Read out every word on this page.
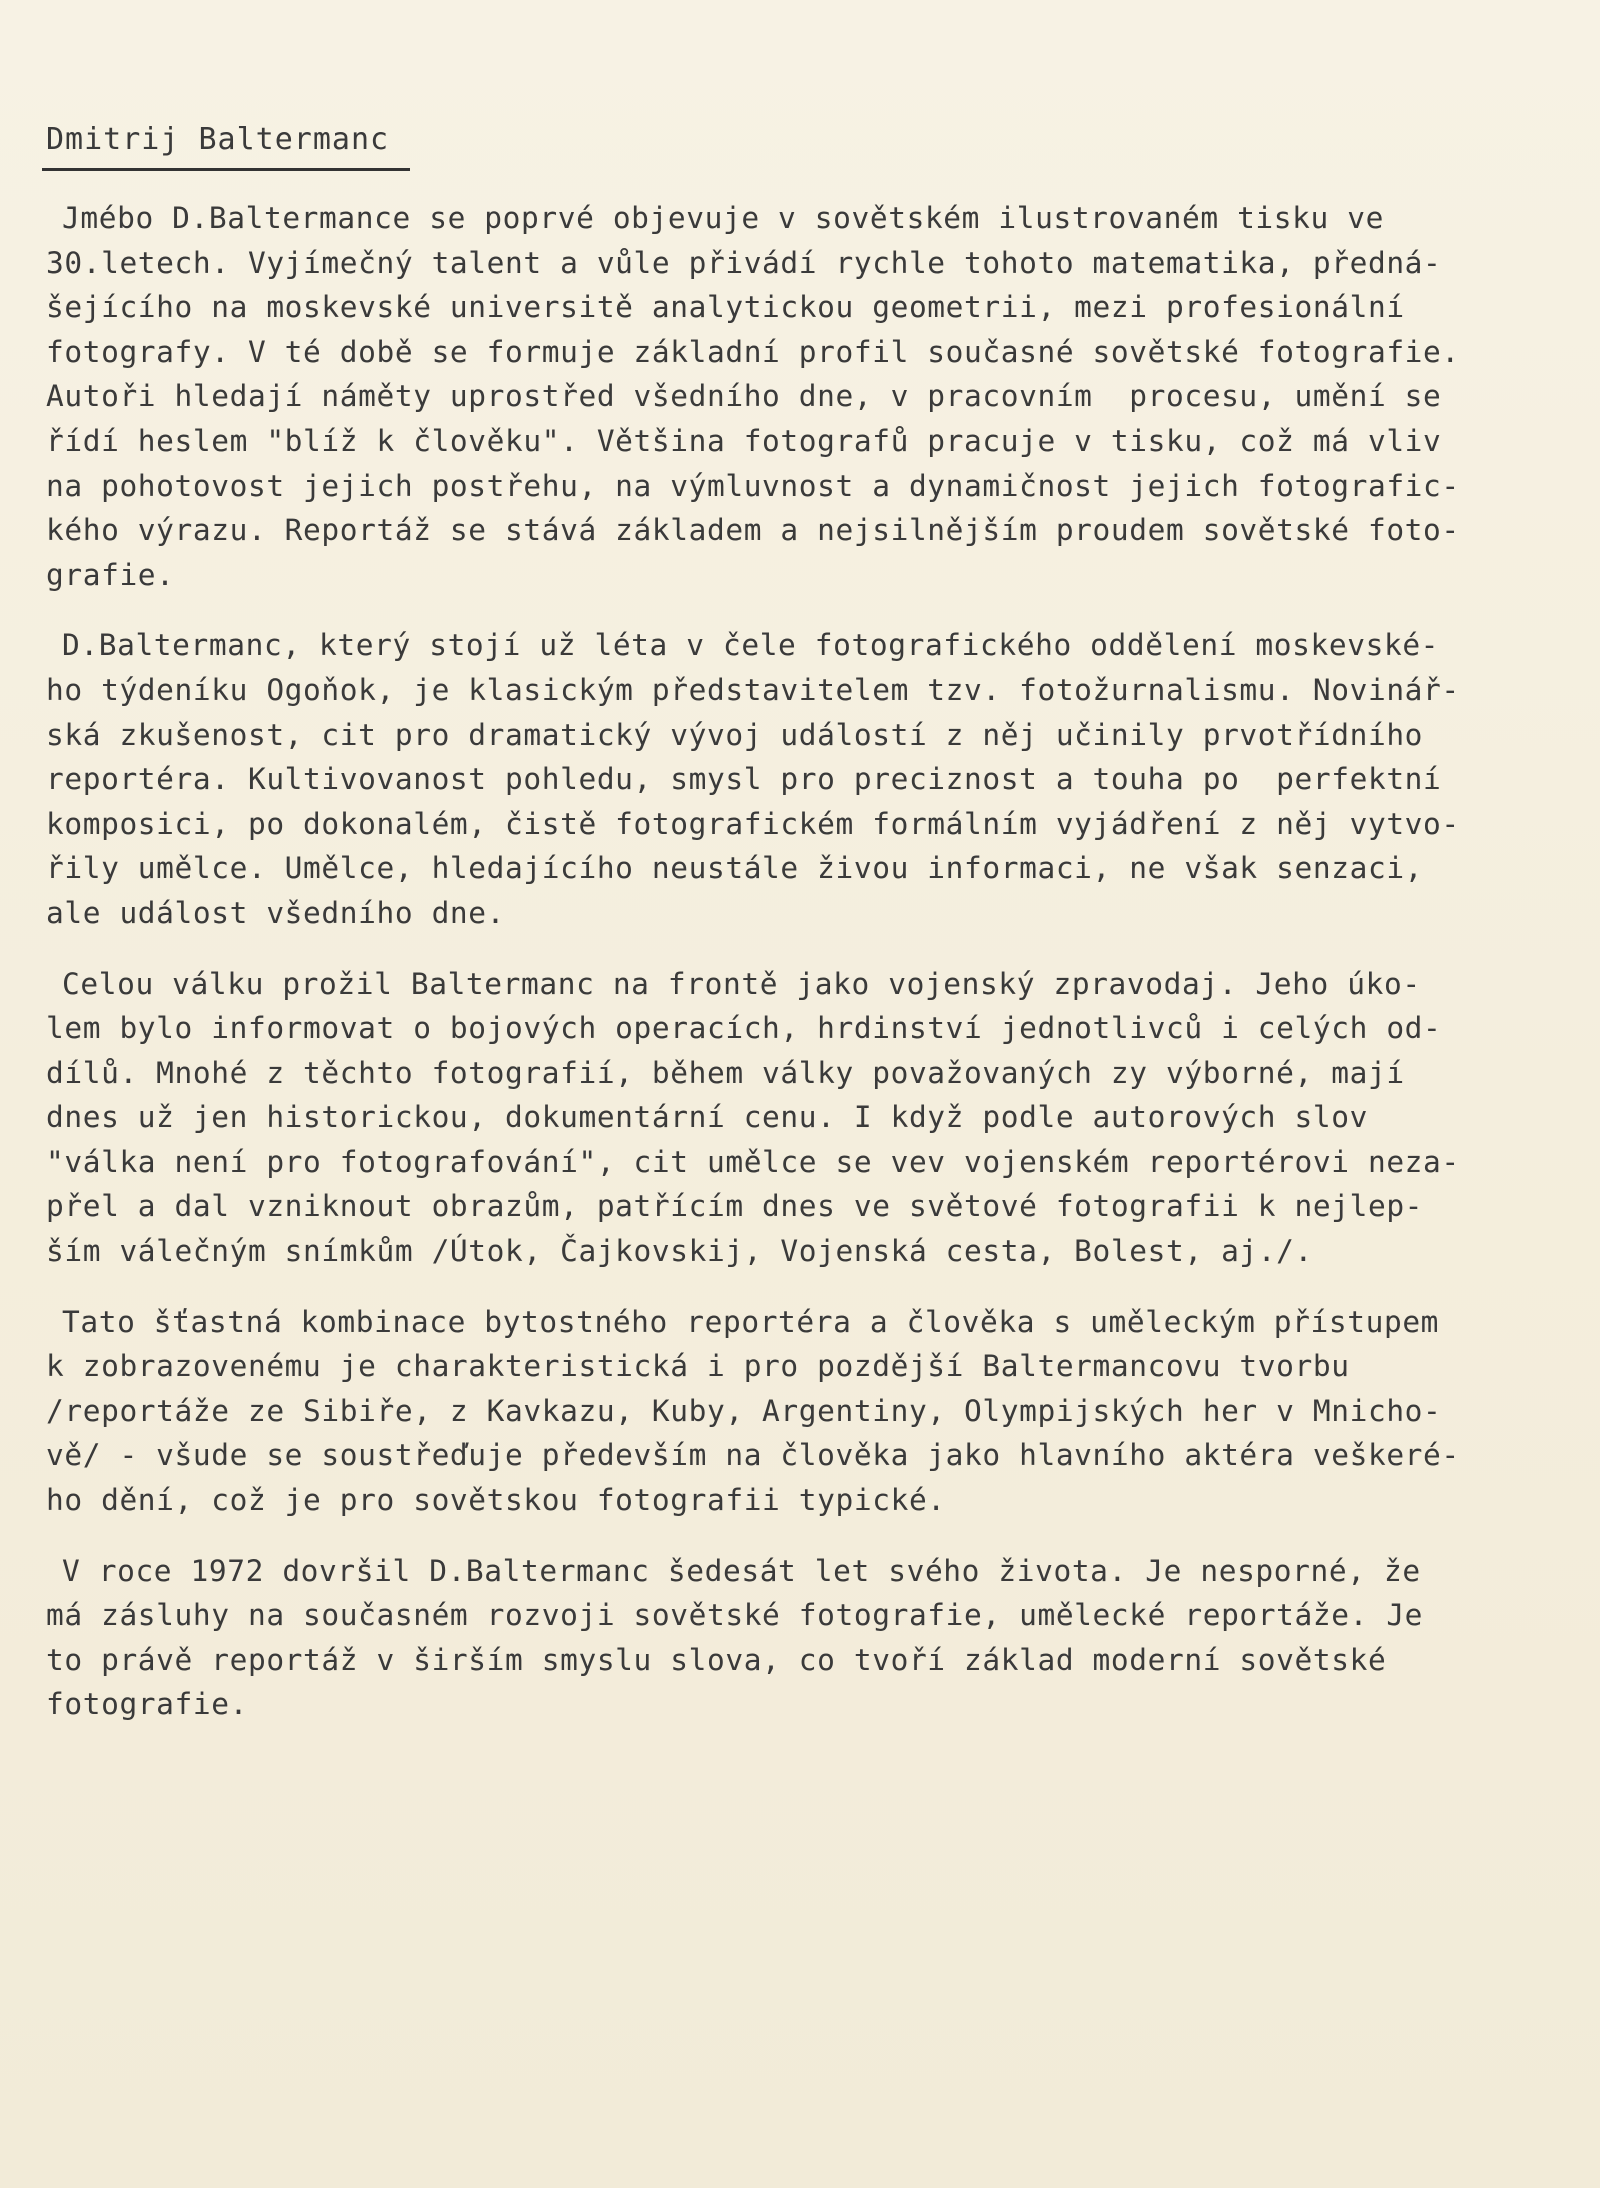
Dmitrij Baltermanc
Jmébo D.Baltermance se poprvé objevuje v sovětském ilustrovaném tisku ve
30.letech. Vyjímečný talent a vůle přivádí rychle tohoto matematika, předná-
šejícího na moskevské universitě analytickou geometrii, mezi profesionální
fotografy. V té době se formuje základní profil současné sovětské fotografie.
Autoři hledají náměty uprostřed všedního dne, v pracovním  procesu, umění se
řídí heslem "blíž k člověku". Většina fotografů pracuje v tisku, což má vliv
na pohotovost jejich postřehu, na výmluvnost a dynamičnost jejich fotografic-
kého výrazu. Reportáž se stává základem a nejsilnějším proudem sovětské foto-
grafie.
D.Baltermanc, který stojí už léta v čele fotografického oddělení moskevské-
ho týdeníku Ogoňok, je klasickým představitelem tzv. fotožurnalismu. Novinář-
ská zkušenost, cit pro dramatický vývoj událostí z něj učinily prvotřídního
reportéra. Kultivovanost pohledu, smysl pro preciznost a touha po  perfektní
komposici, po dokonalém, čistě fotografickém formálním vyjádření z něj vytvo-
řily umělce. Umělce, hledajícího neustále živou informaci, ne však senzaci,
ale událost všedního dne.
Celou válku prožil Baltermanc na frontě jako vojenský zpravodaj. Jeho úko-
lem bylo informovat o bojových operacích, hrdinství jednotlivců i celých od-
dílů. Mnohé z těchto fotografií, během války považovaných zy výborné, mají
dnes už jen historickou, dokumentární cenu. I když podle autorových slov
"válka není pro fotografování", cit umělce se vev vojenském reportérovi neza-
přel a dal vzniknout obrazům, patřícím dnes ve světové fotografii k nejlep-
ším válečným snímkům /Útok, Čajkovskij, Vojenská cesta, Bolest, aj./.
Tato šťastná kombinace bytostného reportéra a člověka s uměleckým přístupem
k zobrazovenému je charakteristická i pro pozdější Baltermancovu tvorbu
/reportáže ze Sibiře, z Kavkazu, Kuby, Argentiny, Olympijských her v Mnicho-
vě/ - všude se soustřeďuje především na člověka jako hlavního aktéra veškeré-
ho dění, což je pro sovětskou fotografii typické.
V roce 1972 dovršil D.Baltermanc šedesát let svého života. Je nesporné, že
má zásluhy na současném rozvoji sovětské fotografie, umělecké reportáže. Je
to právě reportáž v širším smyslu slova, co tvoří základ moderní sovětské
fotografie.
